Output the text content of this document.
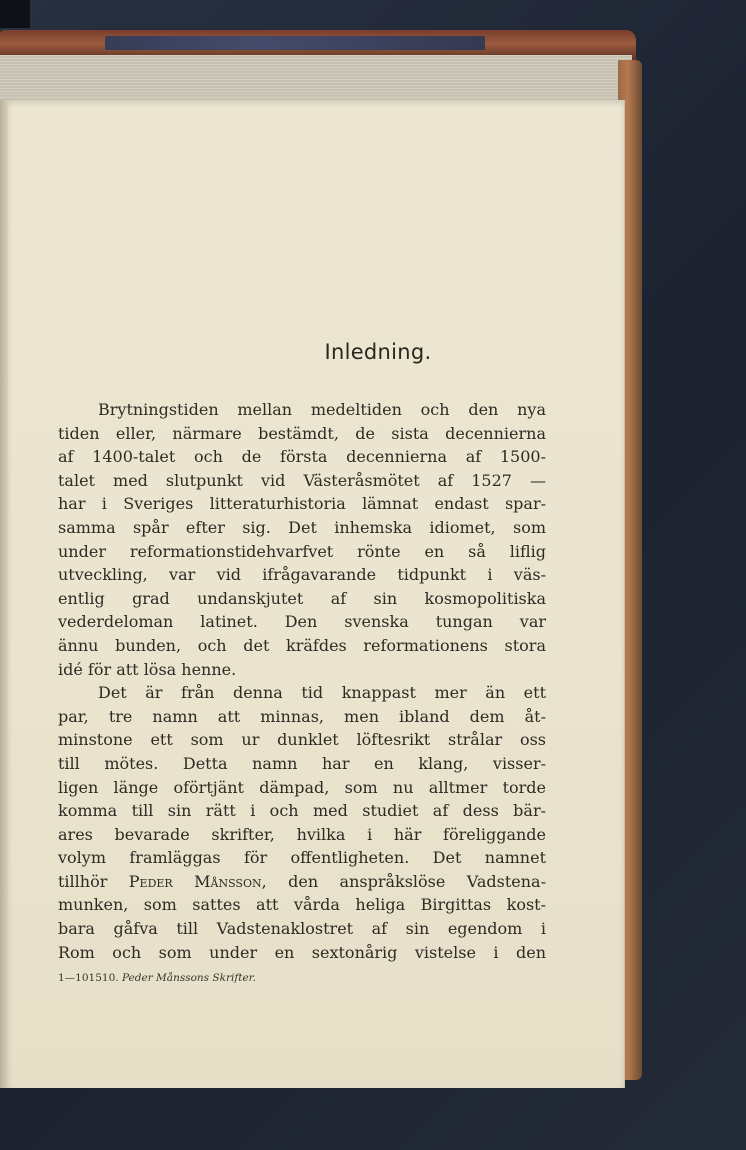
Inledning.
Brytningstiden mellan medeltiden och den nya
tiden eller, närmare bestämdt, de sista decennierna
af 1400-talet och de första decennierna af 1500-
talet med slutpunkt vid Västeråsmötet af 1527 —
har i Sveriges litteraturhistoria lämnat endast spar-
samma spår efter sig. Det inhemska idiomet, som
under reformationstidehvarfvet rönte en så liflig
utveckling, var vid ifrågavarande tidpunkt i väs-
entlig grad undanskjutet af sin kosmopolitiska
vederdeloman latinet. Den svenska tungan var
ännu bunden, och det kräfdes reformationens stora
idé för att lösa henne.
Det är från denna tid knappast mer än ett
par, tre namn att minnas, men ibland dem åt-
minstone ett som ur dunklet löftesrikt strålar oss
till mötes. Detta namn har en klang, visser-
ligen länge oförtjänt dämpad, som nu alltmer torde
komma till sin rätt i och med studiet af dess bär-
ares bevarade skrifter, hvilka i här föreliggande
volym framläggas för offentligheten. Det namnet
tillhör Peder Månsson, den anspråkslöse Vadstena-
munken, som sattes att vårda heliga Birgittas kost-
bara gåfva till Vadstenaklostret af sin egendom i
Rom och som under en sextonårig vistelse i den
1—101510. Peder Månssons Skrifter.
